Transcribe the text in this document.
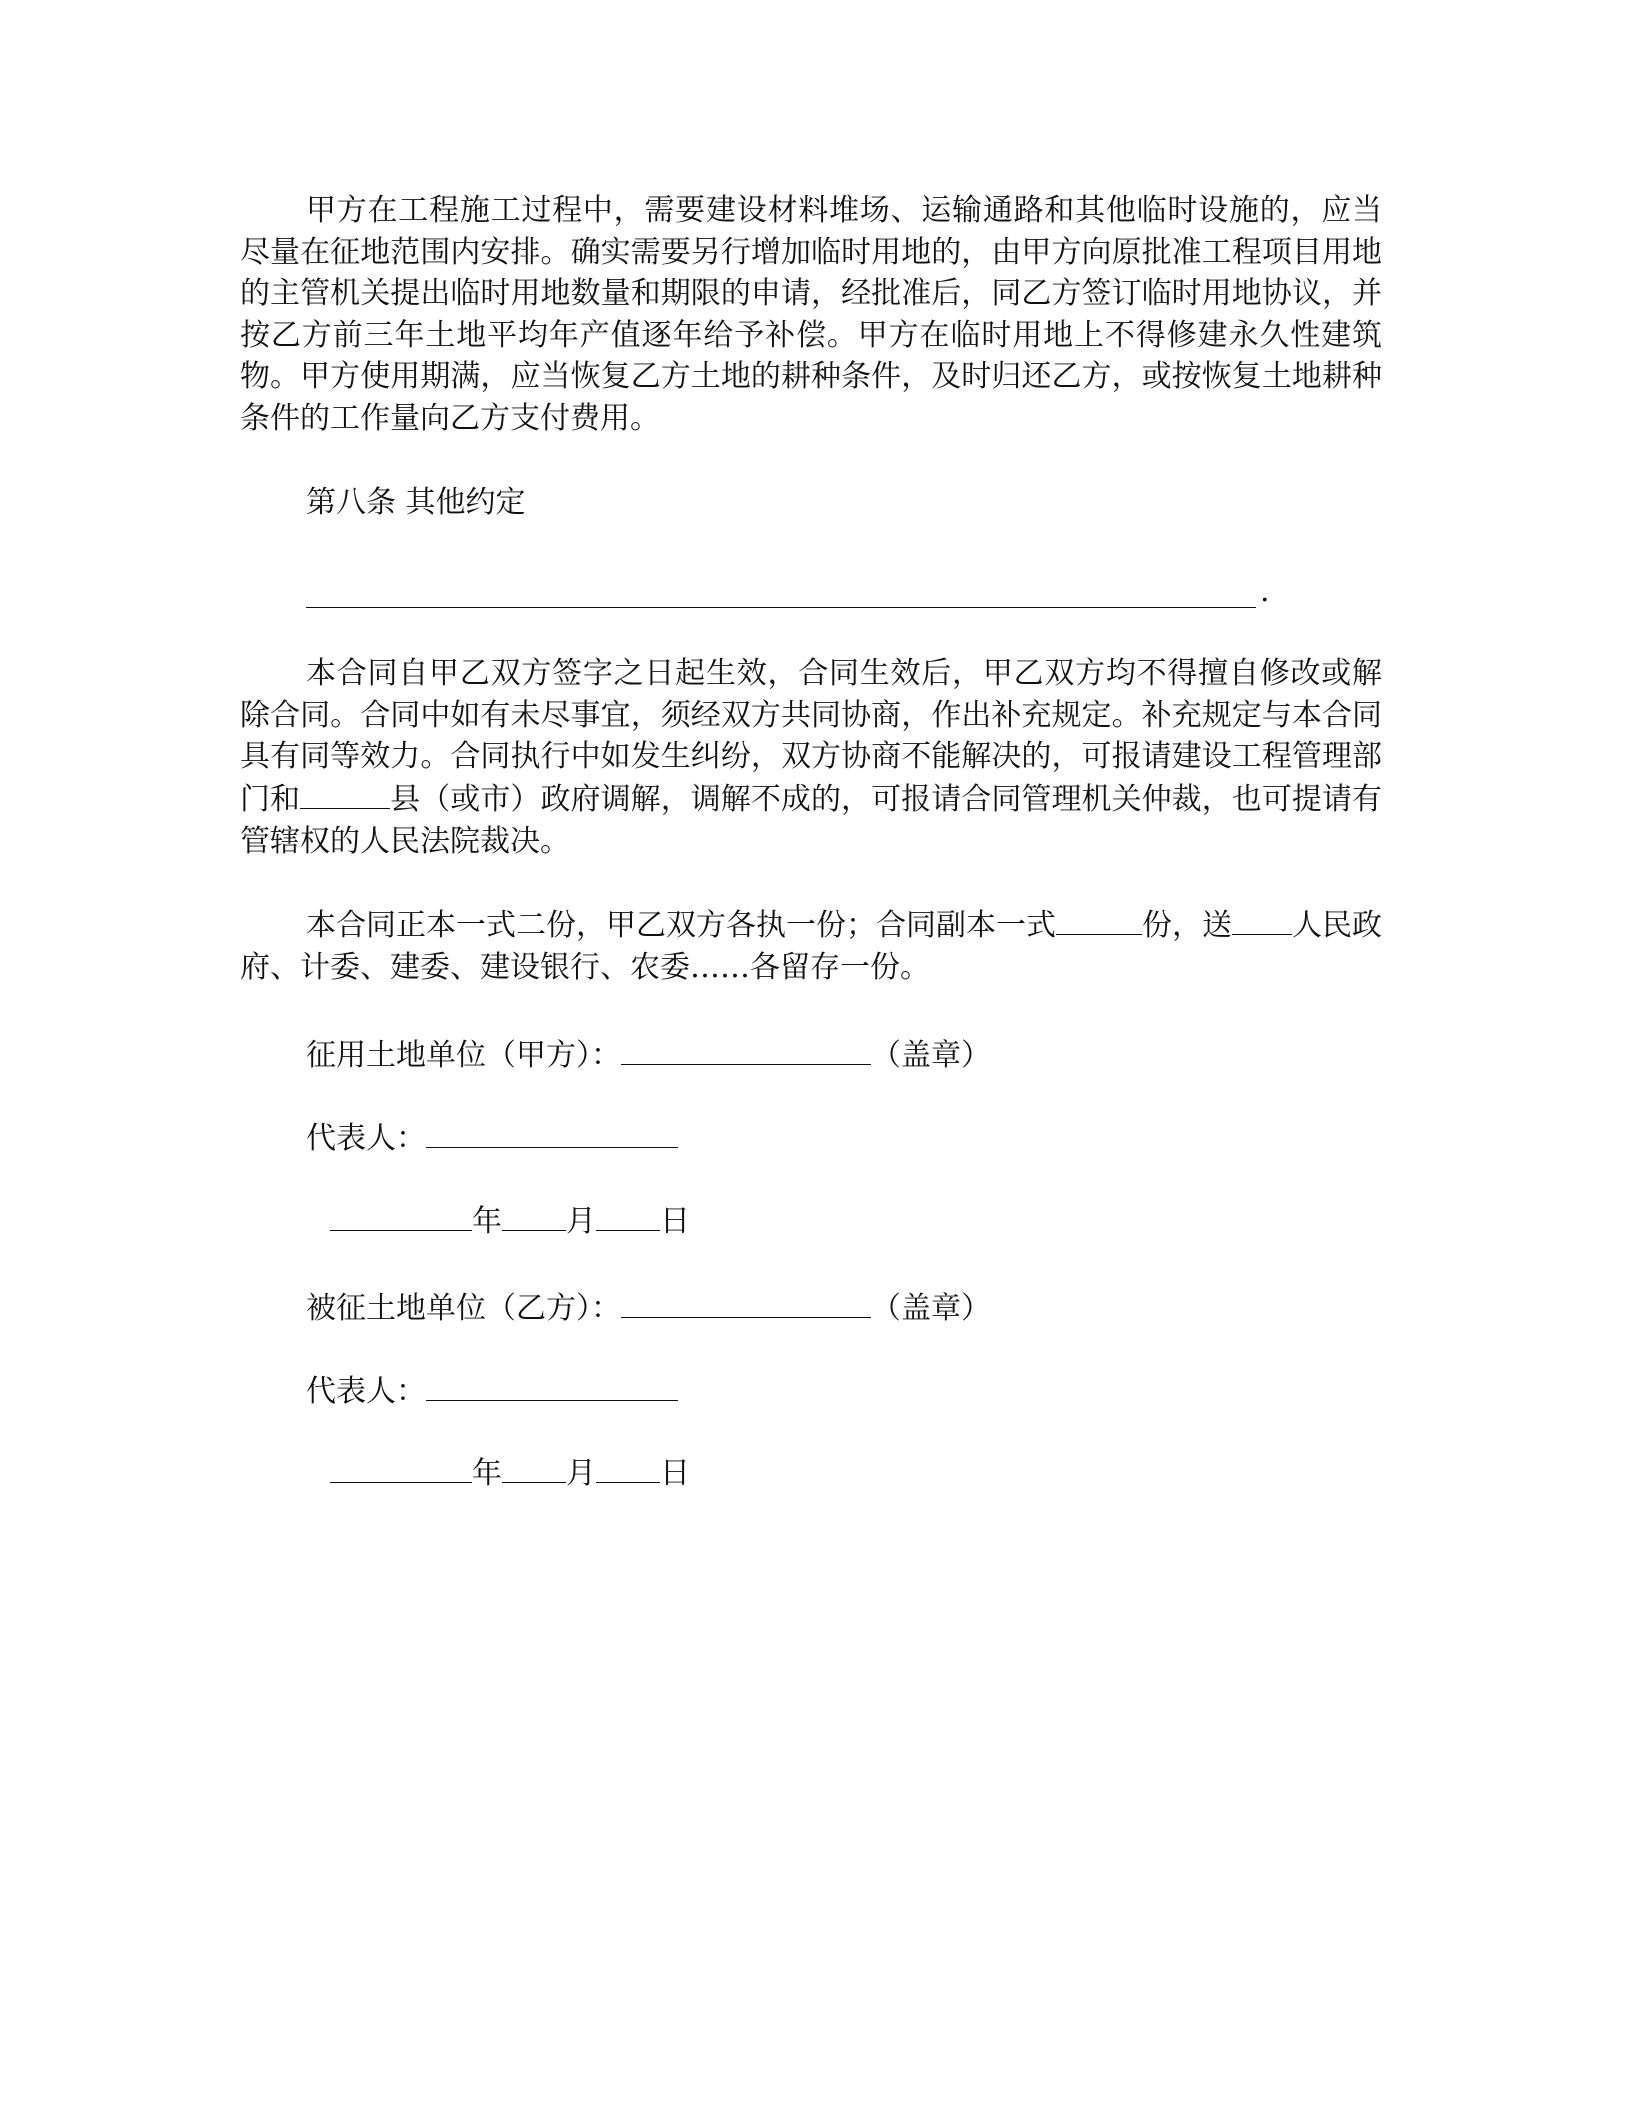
甲方在工程施工过程中，需要建设材料堆场、运输通路和其他临时设施的，应当尽量在征地范围内安排。确实需要另行增加临时用地的，由甲方向原批准工程项目用地的主管机关提出临时用地数量和期限的申请，经批准后，同乙方签订临时用地协议，并按乙方前三年土地平均年产值逐年给予补偿。甲方在临时用地上不得修建永久性建筑物。甲方使用期满，应当恢复乙方土地的耕种条件，及时归还乙方，或按恢复土地耕种条件的工作量向乙方支付费用。

第八条 其他约定

.

本合同自甲乙双方签字之日起生效，合同生效后，甲乙双方均不得擅自修改或解除合同。合同中如有未尽事宜，须经双方共同协商，作出补充规定。补充规定与本合同具有同等效力。合同执行中如发生纠纷，双方协商不能解决的，可报请建设工程管理部门和	县（或市）政府调解，调解不成的，可报请合同管理机关仲裁，也可提请有管辖权的人民法院裁决。

本合同正本一式二份，甲乙双方各执一份；合同副本一式	份，送 人民政府、计委、建委、建设银行、农委……各留存一份。

征用土地单位（甲方）：	（盖章）
代表人：
年 月 日
被征土地单位（乙方）：	（盖章）
代表人：
年 月 日
